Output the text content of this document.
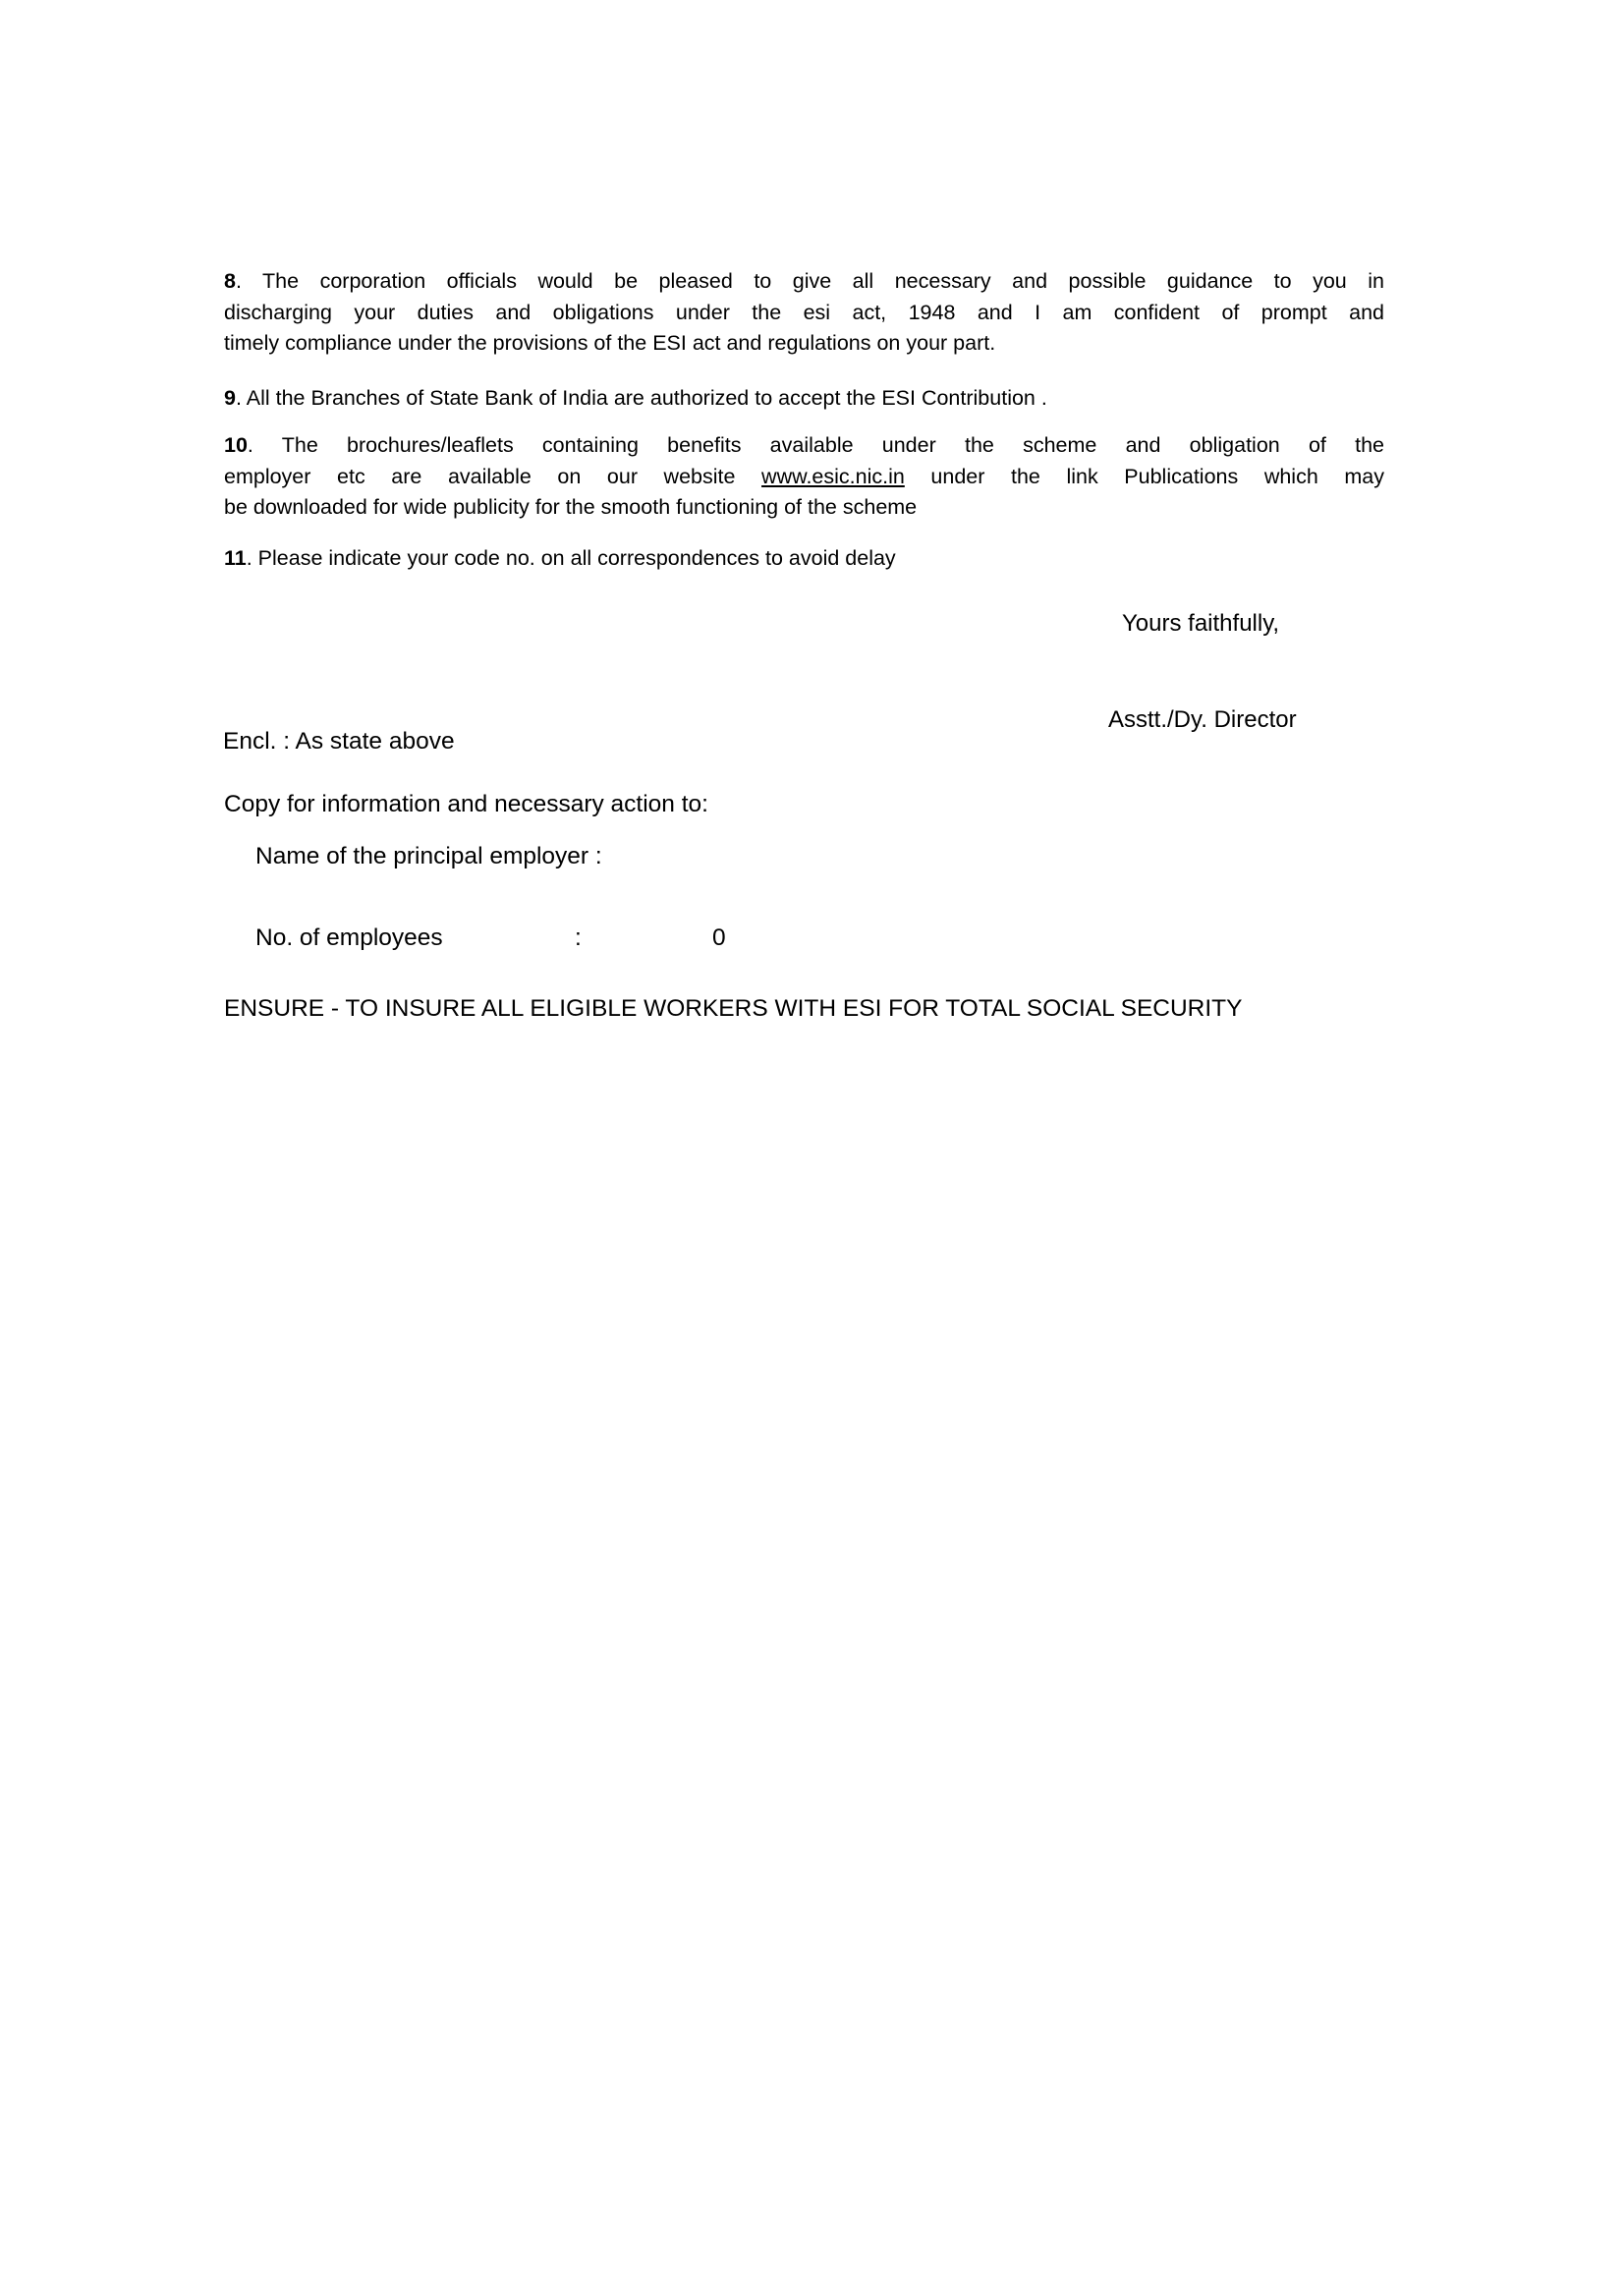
8. The corporation officials would be pleased to give all necessary and possible guidance to you in
discharging your duties and obligations under the esi act, 1948 and I am confident of prompt and
timely compliance under the provisions of the ESI act and regulations on your part.
9. All the Branches of State Bank of India are authorized to accept the ESI Contribution .
10. The brochures/leaflets containing benefits available under the scheme and obligation of the
employer etc are available on our website www.esic.nic.in under the link Publications which may
be downloaded for wide publicity for the smooth functioning of the scheme
11. Please indicate your code no. on all correspondences to avoid delay
Yours faithfully,
Asstt./Dy. Director
Encl. : As state above
Copy for information and necessary action to:
Name of the principal employer :
No. of employees	:	0
ENSURE - TO INSURE ALL ELIGIBLE WORKERS WITH ESI FOR TOTAL SOCIAL SECURITY
